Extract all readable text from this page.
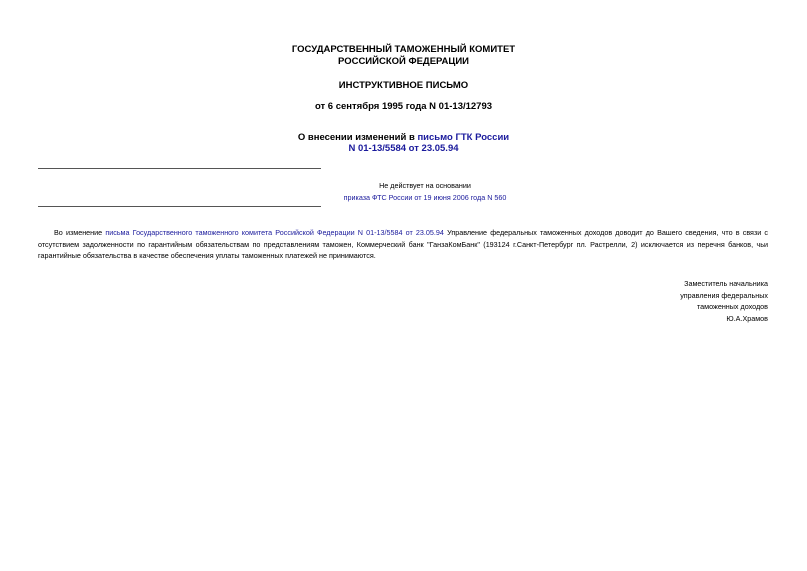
ГОСУДАРСТВЕННЫЙ ТАМОЖЕННЫЙ КОМИТЕТ
РОССИЙСКОЙ ФЕДЕРАЦИИ
ИНСТРУКТИВНОЕ ПИСЬМО
от 6 сентября 1995 года N 01-13/12793
О внесении изменений в письмо ГТК России
N 01-13/5584 от 23.05.94
Не действует на основании
приказа ФТС России от 19 июня 2006 года N 560
Во изменение письма Государственного таможенного комитета Российской Федерации N 01-13/5584 от 23.05.94 Управление федеральных таможенных доходов доводит до Вашего сведения, что в связи с отсутствием задолженности по гарантийным обязательствам по представлениям таможен, Коммерческий банк "ГанзаКомБанк" (193124 г.Санкт-Петербург пл. Растрелли, 2) исключается из перечня банков, чьи гарантийные обязательства в качестве обеспечения уплаты таможенных платежей не принимаются.
Заместитель начальника
управления федеральных
таможенных доходов
Ю.А.Храмов
